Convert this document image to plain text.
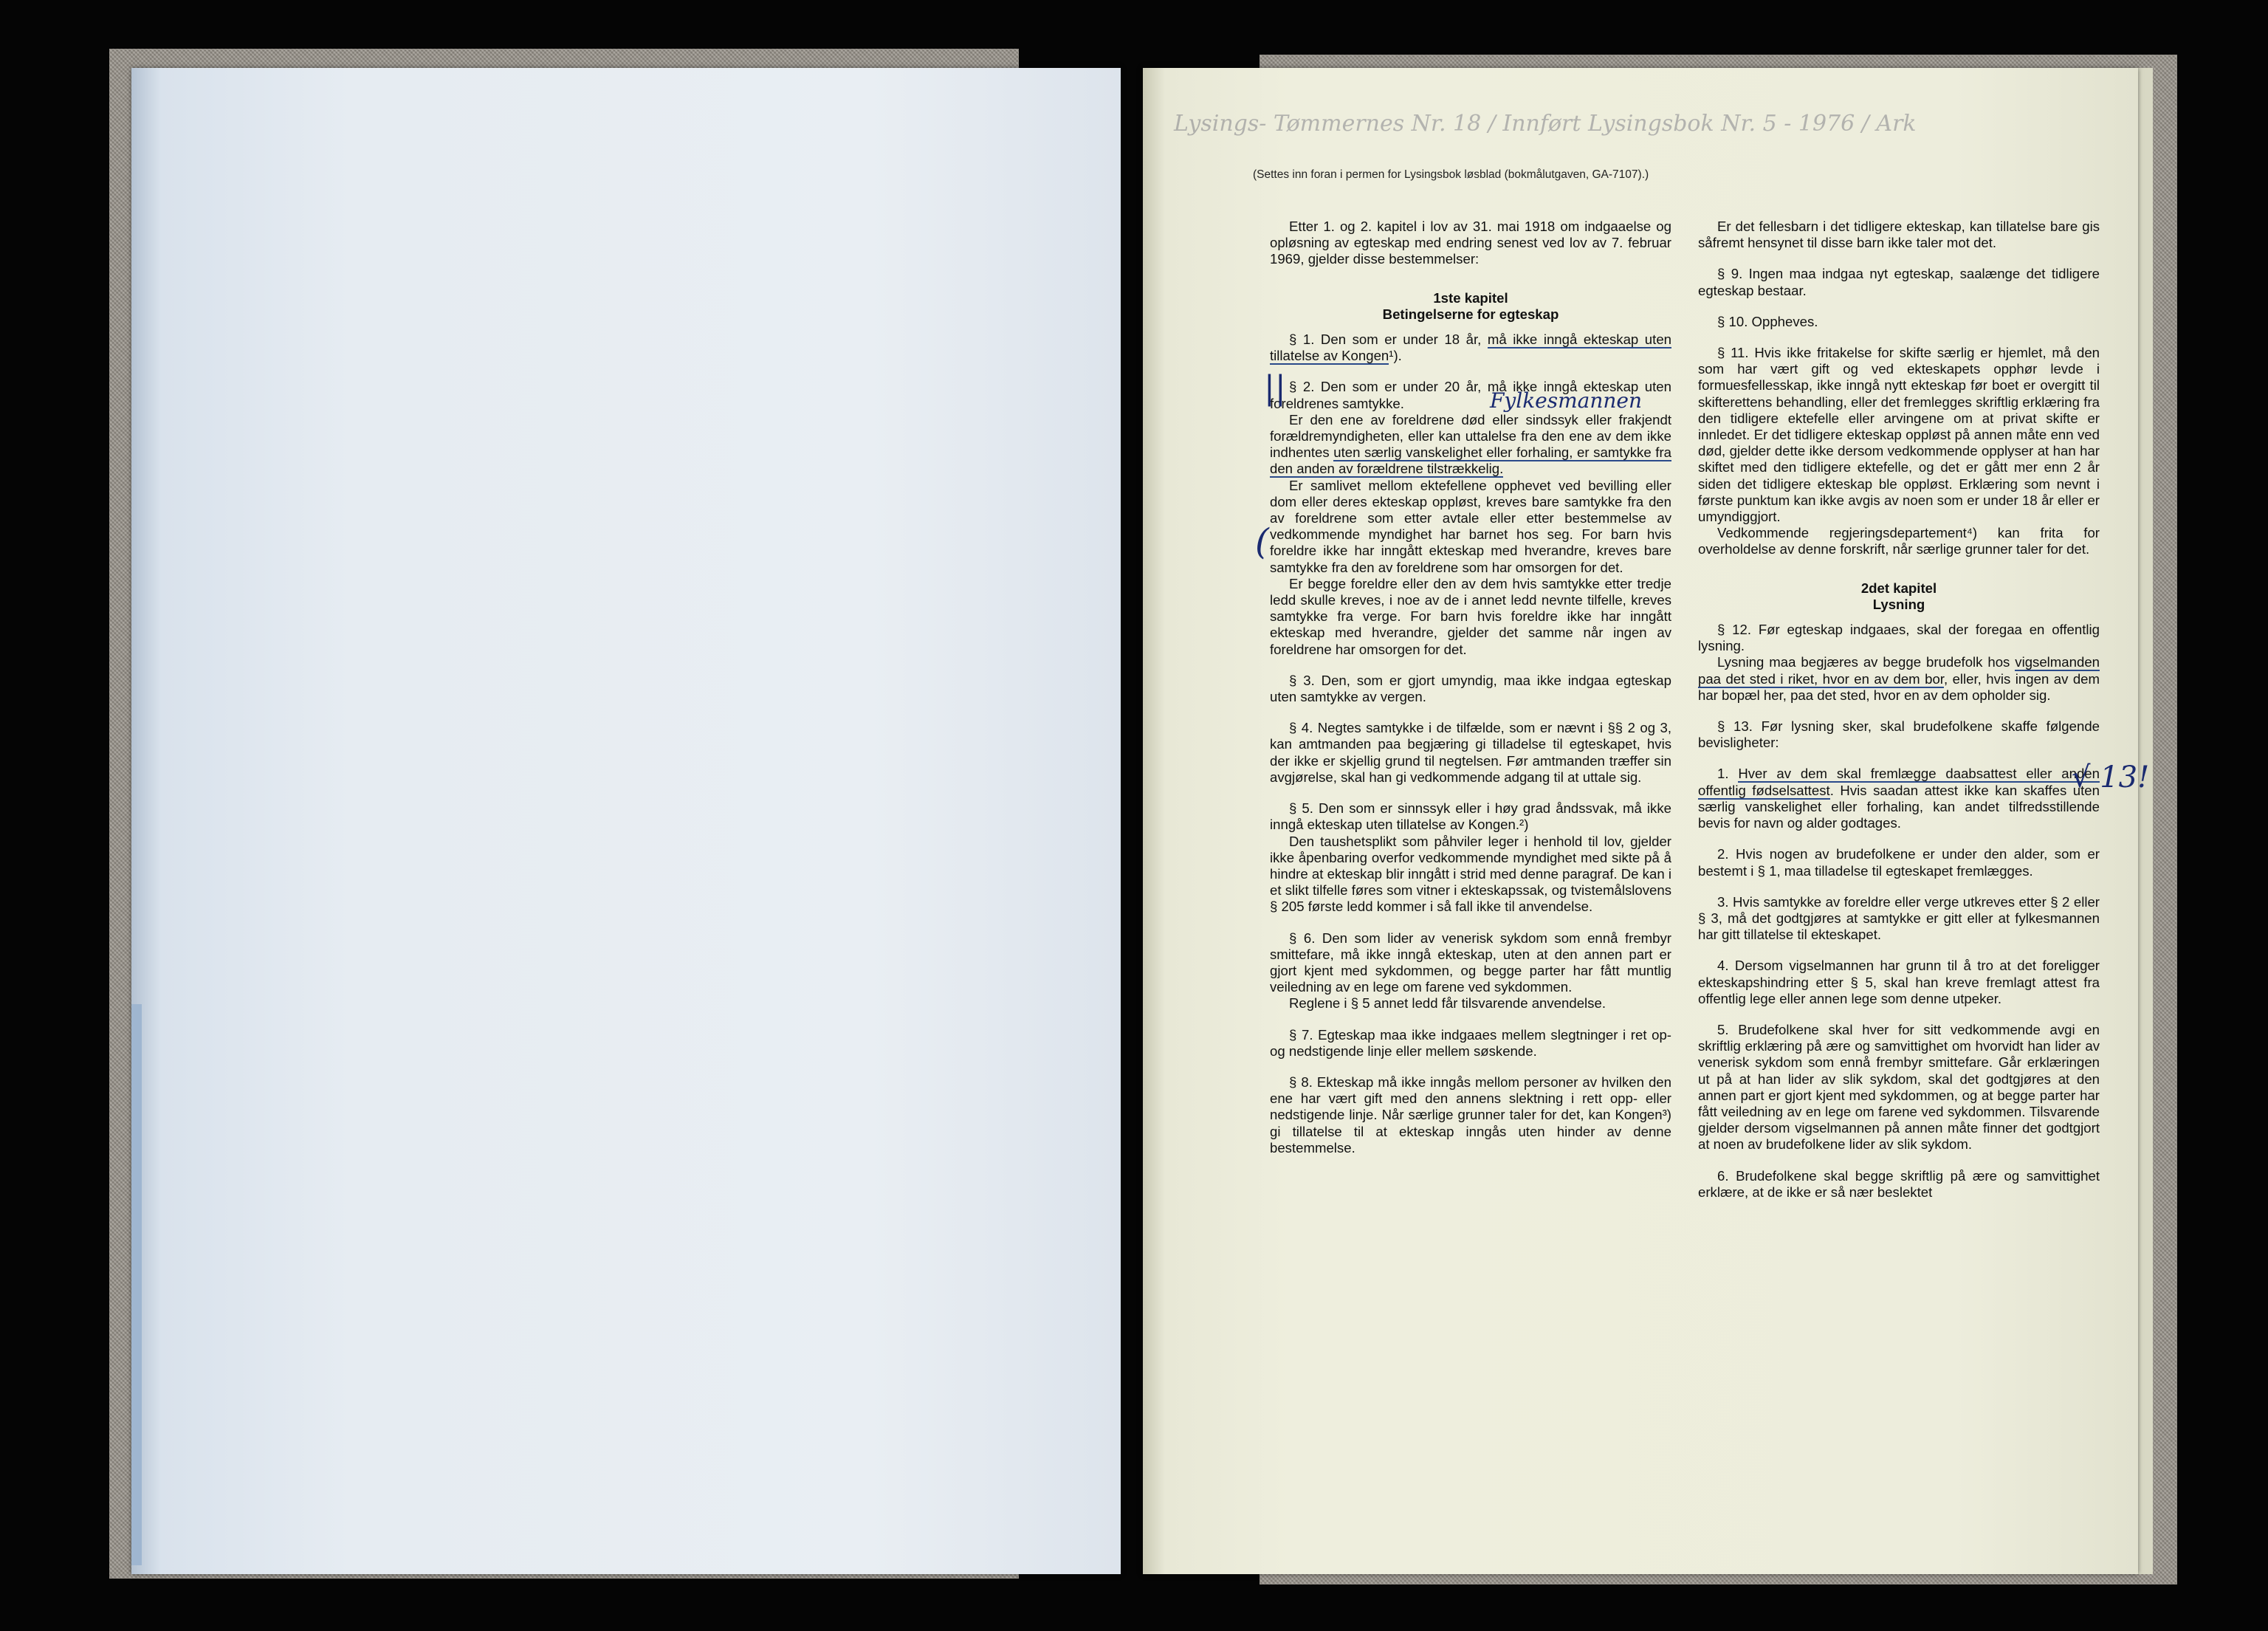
Lysings- Tømmernes Nr. 18 / Innført Lysingsbok Nr. 5 - 1976 / Ark
(Settes inn foran i permen for Lysingsbok løsblad (bokmålutgaven, GA-7107).)

Etter 1. og 2. kapitel i lov av 31. mai 1918 om indgaaelse og opløsning av egteskap med endring senest ved lov av 7. februar 1969, gjelder disse bestemmelser:

1ste kapitel
Betingelserne for egteskap

§ 1. Den som er under 18 år, må ikke inngå ekteskap uten tillatelse av Kongen¹).

§ 2. Den som er under 20 år, må ikke inngå ekteskap uten foreldrenes samtykke.

Er den ene av foreldrene død eller sindssyk eller frakjendt forældremyndigheten, eller kan uttalelse fra den ene av dem ikke indhentes uten særlig vanskelighet eller forhaling, er samtykke fra den anden av forældrene tilstrækkelig.

Er samlivet mellom ektefellene opphevet ved bevilling eller dom eller deres ekteskap oppløst, kreves bare samtykke fra den av foreldrene som etter avtale eller etter bestemmelse av vedkommende myndighet har barnet hos seg. For barn hvis foreldre ikke har inngått ekteskap med hverandre, kreves bare samtykke fra den av foreldrene som har omsorgen for det.

Er begge foreldre eller den av dem hvis samtykke etter tredje ledd skulle kreves, i noe av de i annet ledd nevnte tilfelle, kreves samtykke fra verge. For barn hvis foreldre ikke har inngått ekteskap med hverandre, gjelder det samme når ingen av foreldrene har omsorgen for det.

§ 3. Den, som er gjort umyndig, maa ikke indgaa egteskap uten samtykke av vergen.

§ 4. Negtes samtykke i de tilfælde, som er nævnt i §§ 2 og 3, kan amtmanden paa begjæring gi tilladelse til egteskapet, hvis der ikke er skjellig grund til negtelsen. Før amtmanden træffer sin avgjørelse, skal han gi vedkommende adgang til at uttale sig.

§ 5. Den som er sinnssyk eller i høy grad åndssvak, må ikke inngå ekteskap uten tillatelse av Kongen.²)

Den taushetsplikt som påhviler leger i henhold til lov, gjelder ikke åpenbaring overfor vedkommende myndighet med sikte på å hindre at ekteskap blir inngått i strid med denne paragraf. De kan i et slikt tilfelle føres som vitner i ekteskapssak, og tvistemålslovens § 205 første ledd kommer i så fall ikke til anvendelse.

§ 6. Den som lider av venerisk sykdom som ennå frembyr smittefare, må ikke inngå ekteskap, uten at den annen part er gjort kjent med sykdommen, og begge parter har fått muntlig veiledning av en lege om farene ved sykdommen.

Reglene i § 5 annet ledd får tilsvarende anvendelse.

§ 7. Egteskap maa ikke indgaaes mellem slegtninger i ret op- og nedstigende linje eller mellem søskende.

§ 8. Ekteskap må ikke inngås mellom personer av hvilken den ene har vært gift med den annens slektning i rett opp- eller nedstigende linje. Når særlige grunner taler for det, kan Kongen³) gi tillatelse til at ekteskap inngås uten hinder av denne bestemmelse.

Er det fellesbarn i det tidligere ekteskap, kan tillatelse bare gis såfremt hensynet til disse barn ikke taler mot det.

§ 9. Ingen maa indgaa nyt egteskap, saalænge det tidligere egteskap bestaar.

§ 10. Oppheves.

§ 11. Hvis ikke fritakelse for skifte særlig er hjemlet, må den som har vært gift og ved ekteskapets opphør levde i formuesfellesskap, ikke inngå nytt ekteskap før boet er overgitt til skifterettens behandling, eller det fremlegges skriftlig erklæring fra den tidligere ektefelle eller arvingene om at privat skifte er innledet. Er det tidligere ekteskap oppløst på annen måte enn ved død, gjelder dette ikke dersom vedkommende opplyser at han har skiftet med den tidligere ektefelle, og det er gått mer enn 2 år siden det tidligere ekteskap ble oppløst. Erklæring som nevnt i første punktum kan ikke avgis av noen som er under 18 år eller er umyndiggjort.

Vedkommende regjeringsdepartement⁴) kan frita for overholdelse av denne forskrift, når særlige grunner taler for det.

2det kapitel
Lysning

§ 12. Før egteskap indgaaes, skal der foregaa en offentlig lysning.

Lysning maa begjæres av begge brudefolk hos vigselmanden paa det sted i riket, hvor en av dem bor, eller, hvis ingen av dem har bopæl her, paa det sted, hvor en av dem opholder sig.

§ 13. Før lysning sker, skal brudefolkene skaffe følgende bevisligheter:

1. Hver av dem skal fremlægge daabsattest eller anden offentlig fødselsattest. Hvis saadan attest ikke kan skaffes uten særlig vanskelighet eller forhaling, kan andet tilfredsstillende bevis for navn og alder godtages.

2. Hvis nogen av brudefolkene er under den alder, som er bestemt i § 1, maa tilladelse til egteskapet fremlægges.

3. Hvis samtykke av foreldre eller verge utkreves etter § 2 eller § 3, må det godtgjøres at samtykke er gitt eller at fylkesmannen har gitt tillatelse til ekteskapet.

4. Dersom vigselmannen har grunn til å tro at det foreligger ekteskapshindring etter § 5, skal han kreve fremlagt attest fra offentlig lege eller annen lege som denne utpeker.

5. Brudefolkene skal hver for sitt vedkommende avgi en skriftlig erklæring på ære og samvittighet om hvorvidt han lider av venerisk sykdom som ennå frembyr smittefare. Går erklæringen ut på at han lider av slik sykdom, skal det godtgjøres at den annen part er gjort kjent med sykdommen, og at begge parter har fått veiledning av en lege om farene ved sykdommen. Tilsvarende gjelder dersom vigselmannen på annen måte finner det godtgjort at noen av brudefolkene lider av slik sykdom.

6. Brudefolkene skal begge skriftlig på ære og samvittighet erklære, at de ikke er så nær beslektet

Fylkesmannen
||
(
√ 13!
